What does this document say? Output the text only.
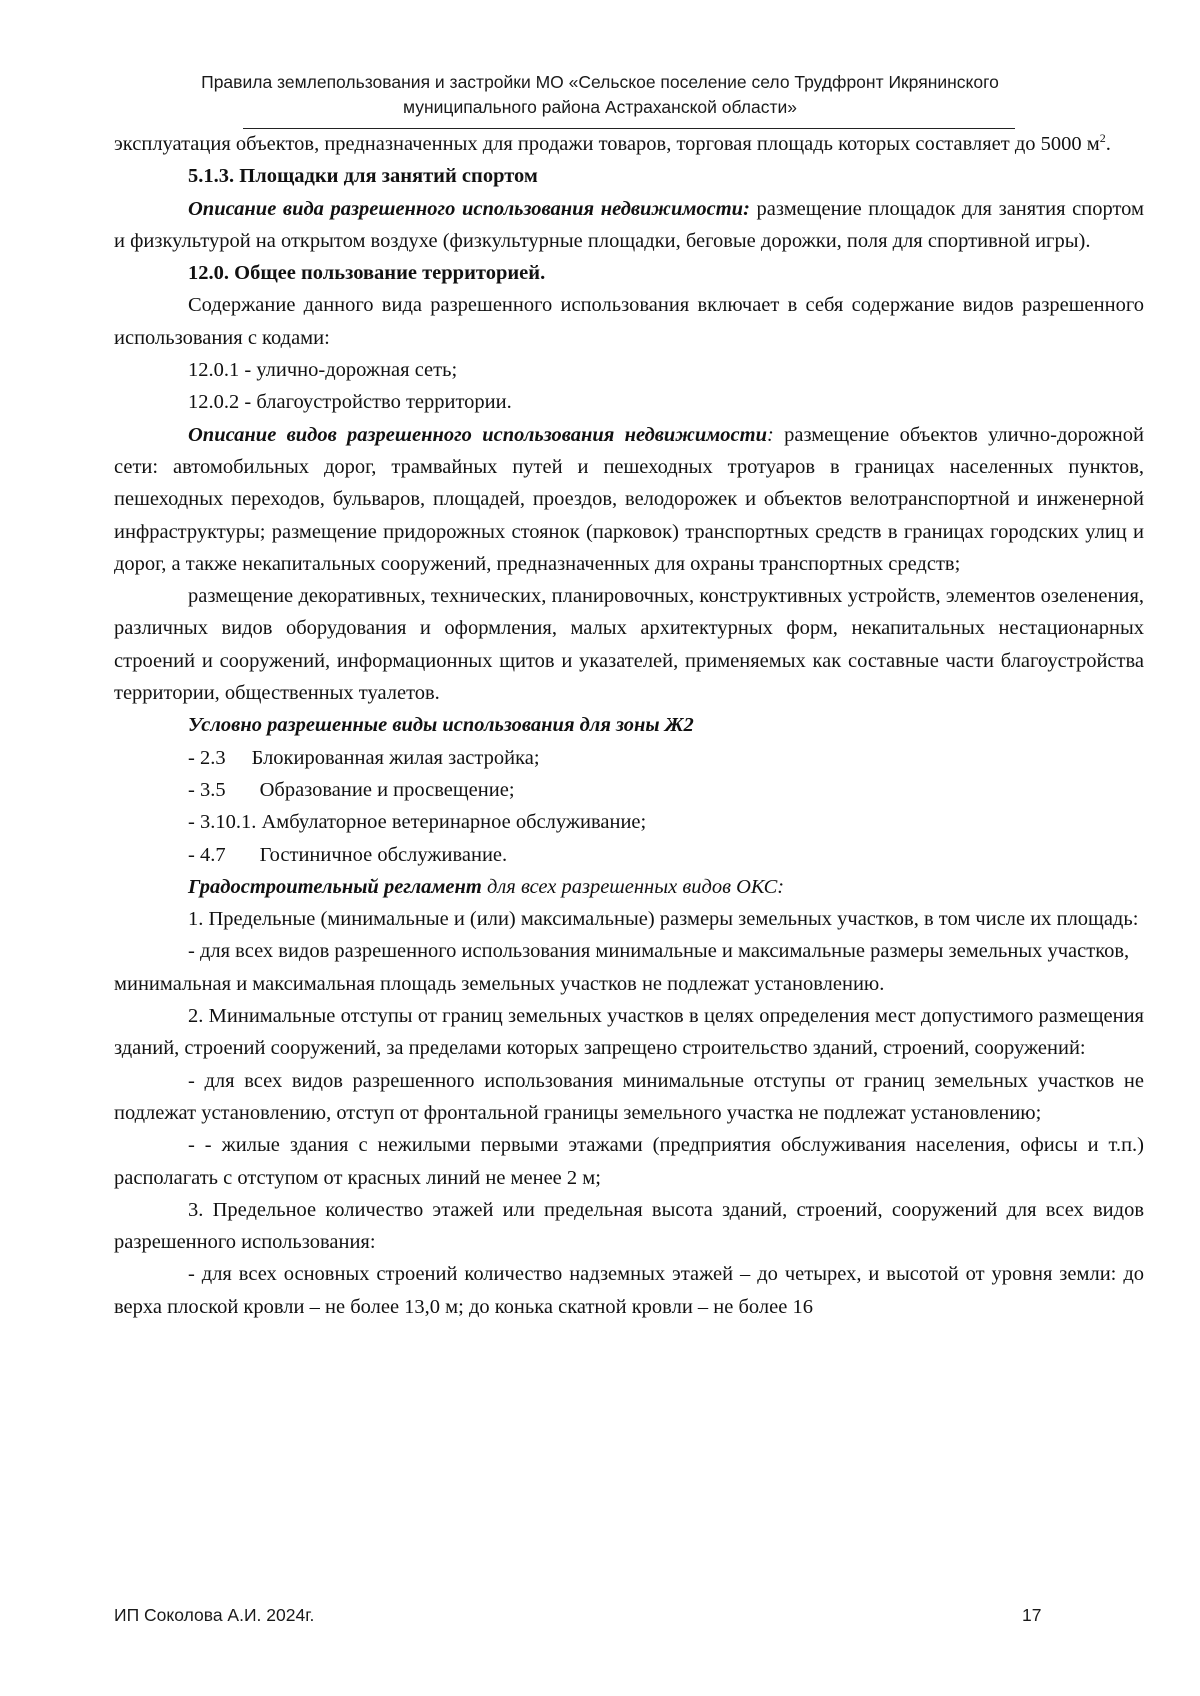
Правила землепользования и застройки МО «Сельское поселение село Трудфронт Икрянинского
муниципального района Астраханской области»

эксплуатация объектов, предназначенных для продажи товаров, торговая площадь которых составляет до 5000 $м^2$.

5.1.3. Площадки для занятий спортом

Описание вида разрешенного использования недвижимости: размещение площадок для занятия спортом и физкультурой на открытом воздухе (физкультурные площадки, беговые дорожки, поля для спортивной игры).

12.0. Общее пользование территорией.

Содержание данного вида разрешенного использования включает в себя содержание видов разрешенного использования с кодами:

12.0.1 - улично-дорожная сеть;

12.0.2 - благоустройство территории.

Описание видов разрешенного использования недвижимости: размещение объектов улично-дорожной сети: автомобильных дорог, трамвайных путей и пешеходных тротуаров в границах населенных пунктов, пешеходных переходов, бульваров, площадей, проездов, велодорожек и объектов велотранспортной и инженерной инфраструктуры; размещение придорожных стоянок (парковок) транспортных средств в границах городских улиц и дорог, а также некапитальных сооружений, предназначенных для охраны транспортных средств;

размещение декоративных, технических, планировочных, конструктивных устройств, элементов озеленения, различных видов оборудования и оформления, малых архитектурных форм, некапитальных нестационарных строений и сооружений, информационных щитов и указателей, применяемых как составные части благоустройства территории, общественных туалетов.

Условно разрешенные виды использования для зоны Ж2

- 2.3 Блокированная жилая застройка;

- 3.5 Образование и просвещение;

- 3.10.1. Амбулаторное ветеринарное обслуживание;

- 4.7 Гостиничное обслуживание.

Градостроительный регламент для всех разрешенных видов ОКС:

1. Предельные (минимальные и (или) максимальные) размеры земельных участков, в том числе их площадь:

- для всех видов разрешенного использования минимальные и максимальные размеры земельных участков, минимальная и максимальная площадь земельных участков не подлежат установлению.

2. Минимальные отступы от границ земельных участков в целях определения мест допустимого размещения зданий, строений сооружений, за пределами которых запрещено строительство зданий, строений, сооружений:

- для всех видов разрешенного использования минимальные отступы от границ земельных участков не подлежат установлению, отступ от фронтальной границы земельного участка не подлежат установлению;

- - жилые здания с нежилыми первыми этажами (предприятия обслуживания населения, офисы и т.п.) располагать с отступом от красных линий не менее 2 м;

3. Предельное количество этажей или предельная высота зданий, строений, сооружений для всех видов разрешенного использования:

- для всех основных строений количество надземных этажей – до четырех, и высотой от уровня земли: до верха плоской кровли – не более 13,0 м; до конька скатной кровли – не более 16

ИП Соколова А.И. 2024г.	17
